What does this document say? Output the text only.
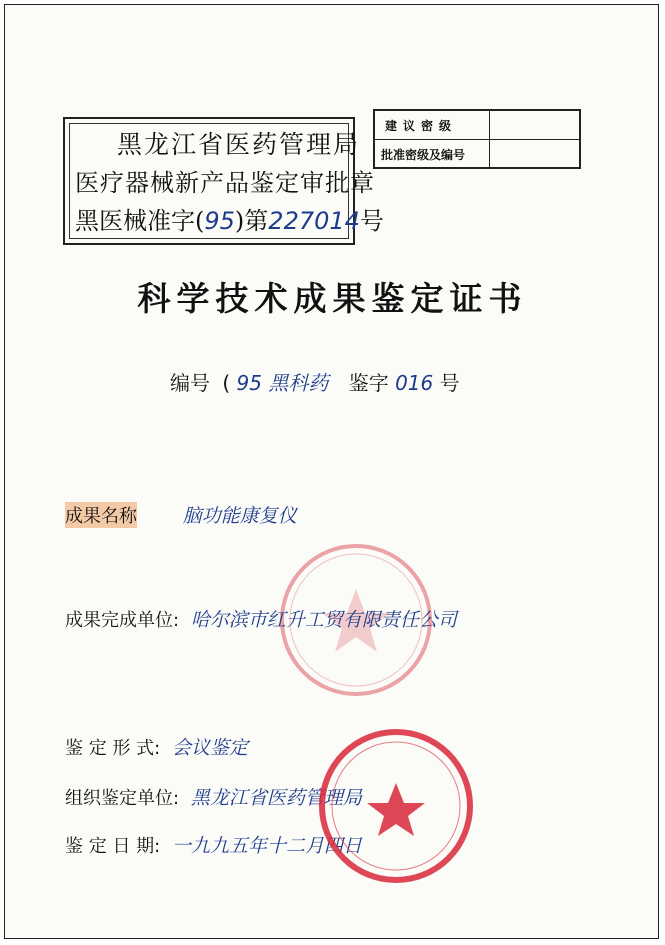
黑龙江省医药管理局
医疗器械新产品鉴定审批章
黑医械准字(95)第227014号
建议密级
批准密级及编号
科学技术成果鉴定证书
编号 ( 95 黑科药 鉴字 016 号
成果名称 脑功能康复仪
成果完成单位: 哈尔滨市红升工贸有限责任公司
鉴 定 形 式: 会议鉴定
组织鉴定单位: 黑龙江省医药管理局
鉴 定 日 期: 一九九五年十二月四日
